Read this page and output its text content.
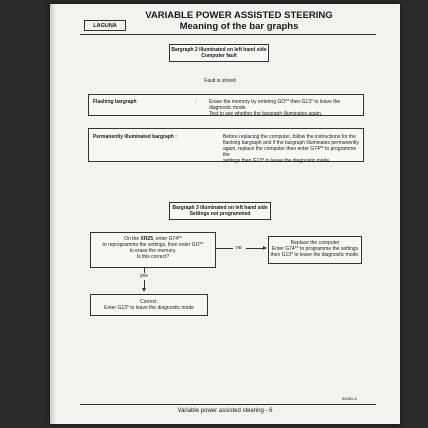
LAGUNA
VARIABLE POWER ASSISTED STEERING
Meaning of the bar graphs
Bargraph 2 illuminated on left hand side
Computer fault
Fault is stored
Flashing bargraph	:	Erase the memory by entering GO** then G13* to leave the diagnostic mode.
Test to see whether the bargraph illuminates again.
Permanently illuminated bargraph :	Before replacing the computer, follow the instructions for the
flashing bargraph and if the bargraph illuminates permanently
again, replace the computer then enter G74** to programme the
settings then G13* to leave the diagnostic mode.
Bargraph 3 illuminated on left hand side
Settings not programmed
On the XR25, enter G74**
to reprogramme the settings, then enter GO**
to erase the memory.
Is this correct?
no
Replace the computer
Enter G74** to programme the settings
then G13* to leave the diagnostic mode.
yes
Correct.
Enter G13* to leave the diagnostic mode
94981-6
Variable power assisted steering - 6
